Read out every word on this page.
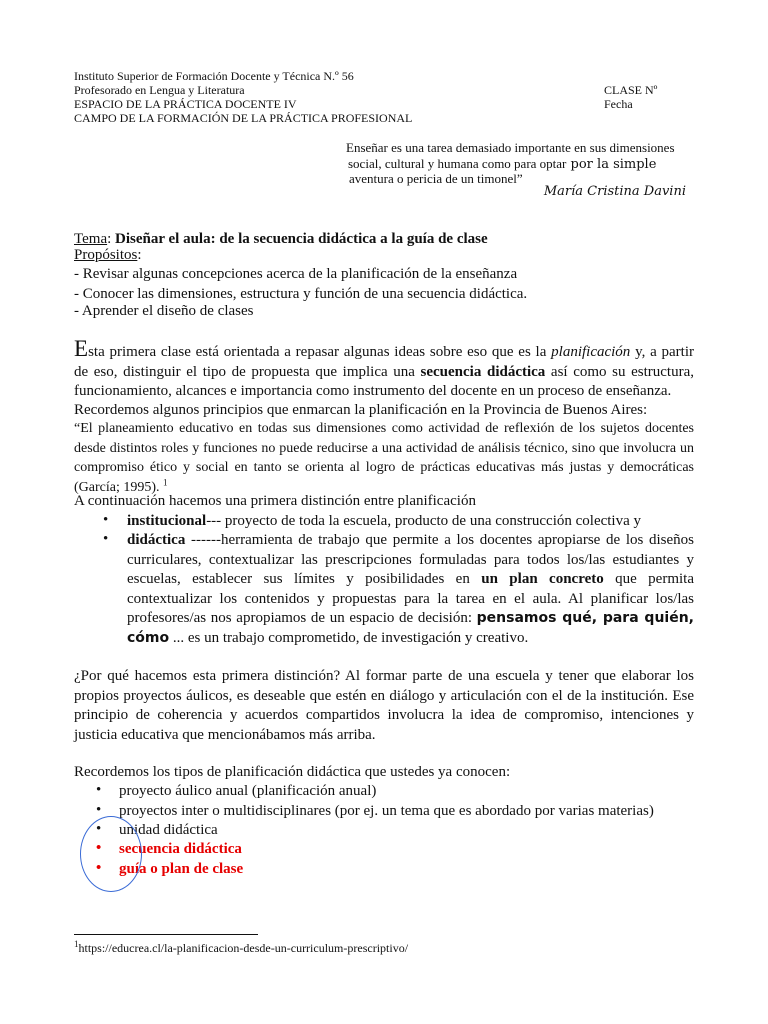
Instituto Superior de Formación Docente y Técnica N.º 56
Profesorado en Lengua y Literatura
ESPACIO DE LA PRÁCTICA DOCENTE IV
CAMPO DE LA FORMACIÓN DE LA PRÁCTICA PROFESIONAL
CLASE Nº
Fecha
Enseñar es una tarea demasiado importante en sus dimensiones
social, cultural y humana como para optar por la simple
aventura o pericia de un timonel”
María Cristina Davini
Tema: Diseñar el aula: de la secuencia didáctica a la guía de clase
Propósitos:
- Revisar algunas concepciones acerca de la planificación de la enseñanza
- Conocer las dimensiones, estructura y función de una secuencia didáctica.
- Aprender el diseño de clases
Esta primera clase está orientada a repasar algunas ideas sobre eso que es la planificación y, a partir de eso, distinguir el tipo de propuesta que implica una secuencia didáctica así como su estructura, funcionamiento, alcances e importancia como instrumento del docente en un proceso de enseñanza.
Recordemos algunos principios que enmarcan la planificación en la Provincia de Buenos Aires:
“El planeamiento educativo en todas sus dimensiones como actividad de reflexión de los sujetos docentes desde distintos roles y funciones no puede reducirse a una actividad de análisis técnico, sino que involucra un compromiso ético y social en tanto se orienta al logro de prácticas educativas más justas y democráticas (García; 1995). $^1$
A continuación hacemos una primera distinción entre planificación
• institucional--- proyecto de toda la escuela, producto de una construcción colectiva y
• didáctica ------herramienta de trabajo que permite a los docentes apropiarse de los diseños curriculares, contextualizar las prescripciones formuladas para todos los/las estudiantes y escuelas, establecer sus límites y posibilidades en un plan concreto que permita contextualizar los contenidos y propuestas para la tarea en el aula. Al planificar los/las profesores/as nos apropiamos de un espacio de decisión: pensamos qué, para quién, cómo ... es un trabajo comprometido, de investigación y creativo.
¿Por qué hacemos esta primera distinción? Al formar parte de una escuela y tener que elaborar los propios proyectos áulicos, es deseable que estén en diálogo y articulación con el de la institución. Ese principio de coherencia y acuerdos compartidos involucra la idea de compromiso, intenciones y justicia educativa que mencionábamos más arriba.
Recordemos los tipos de planificación didáctica que ustedes ya conocen:
• proyecto áulico anual (planificación anual)
• proyectos inter o multidisciplinares (por ej. un tema que es abordado por varias materias)
• unidad didáctica
• secuencia didáctica
• guía o plan de clase
$^1$https://educrea.cl/la-planificacion-desde-un-curriculum-prescriptivo/
